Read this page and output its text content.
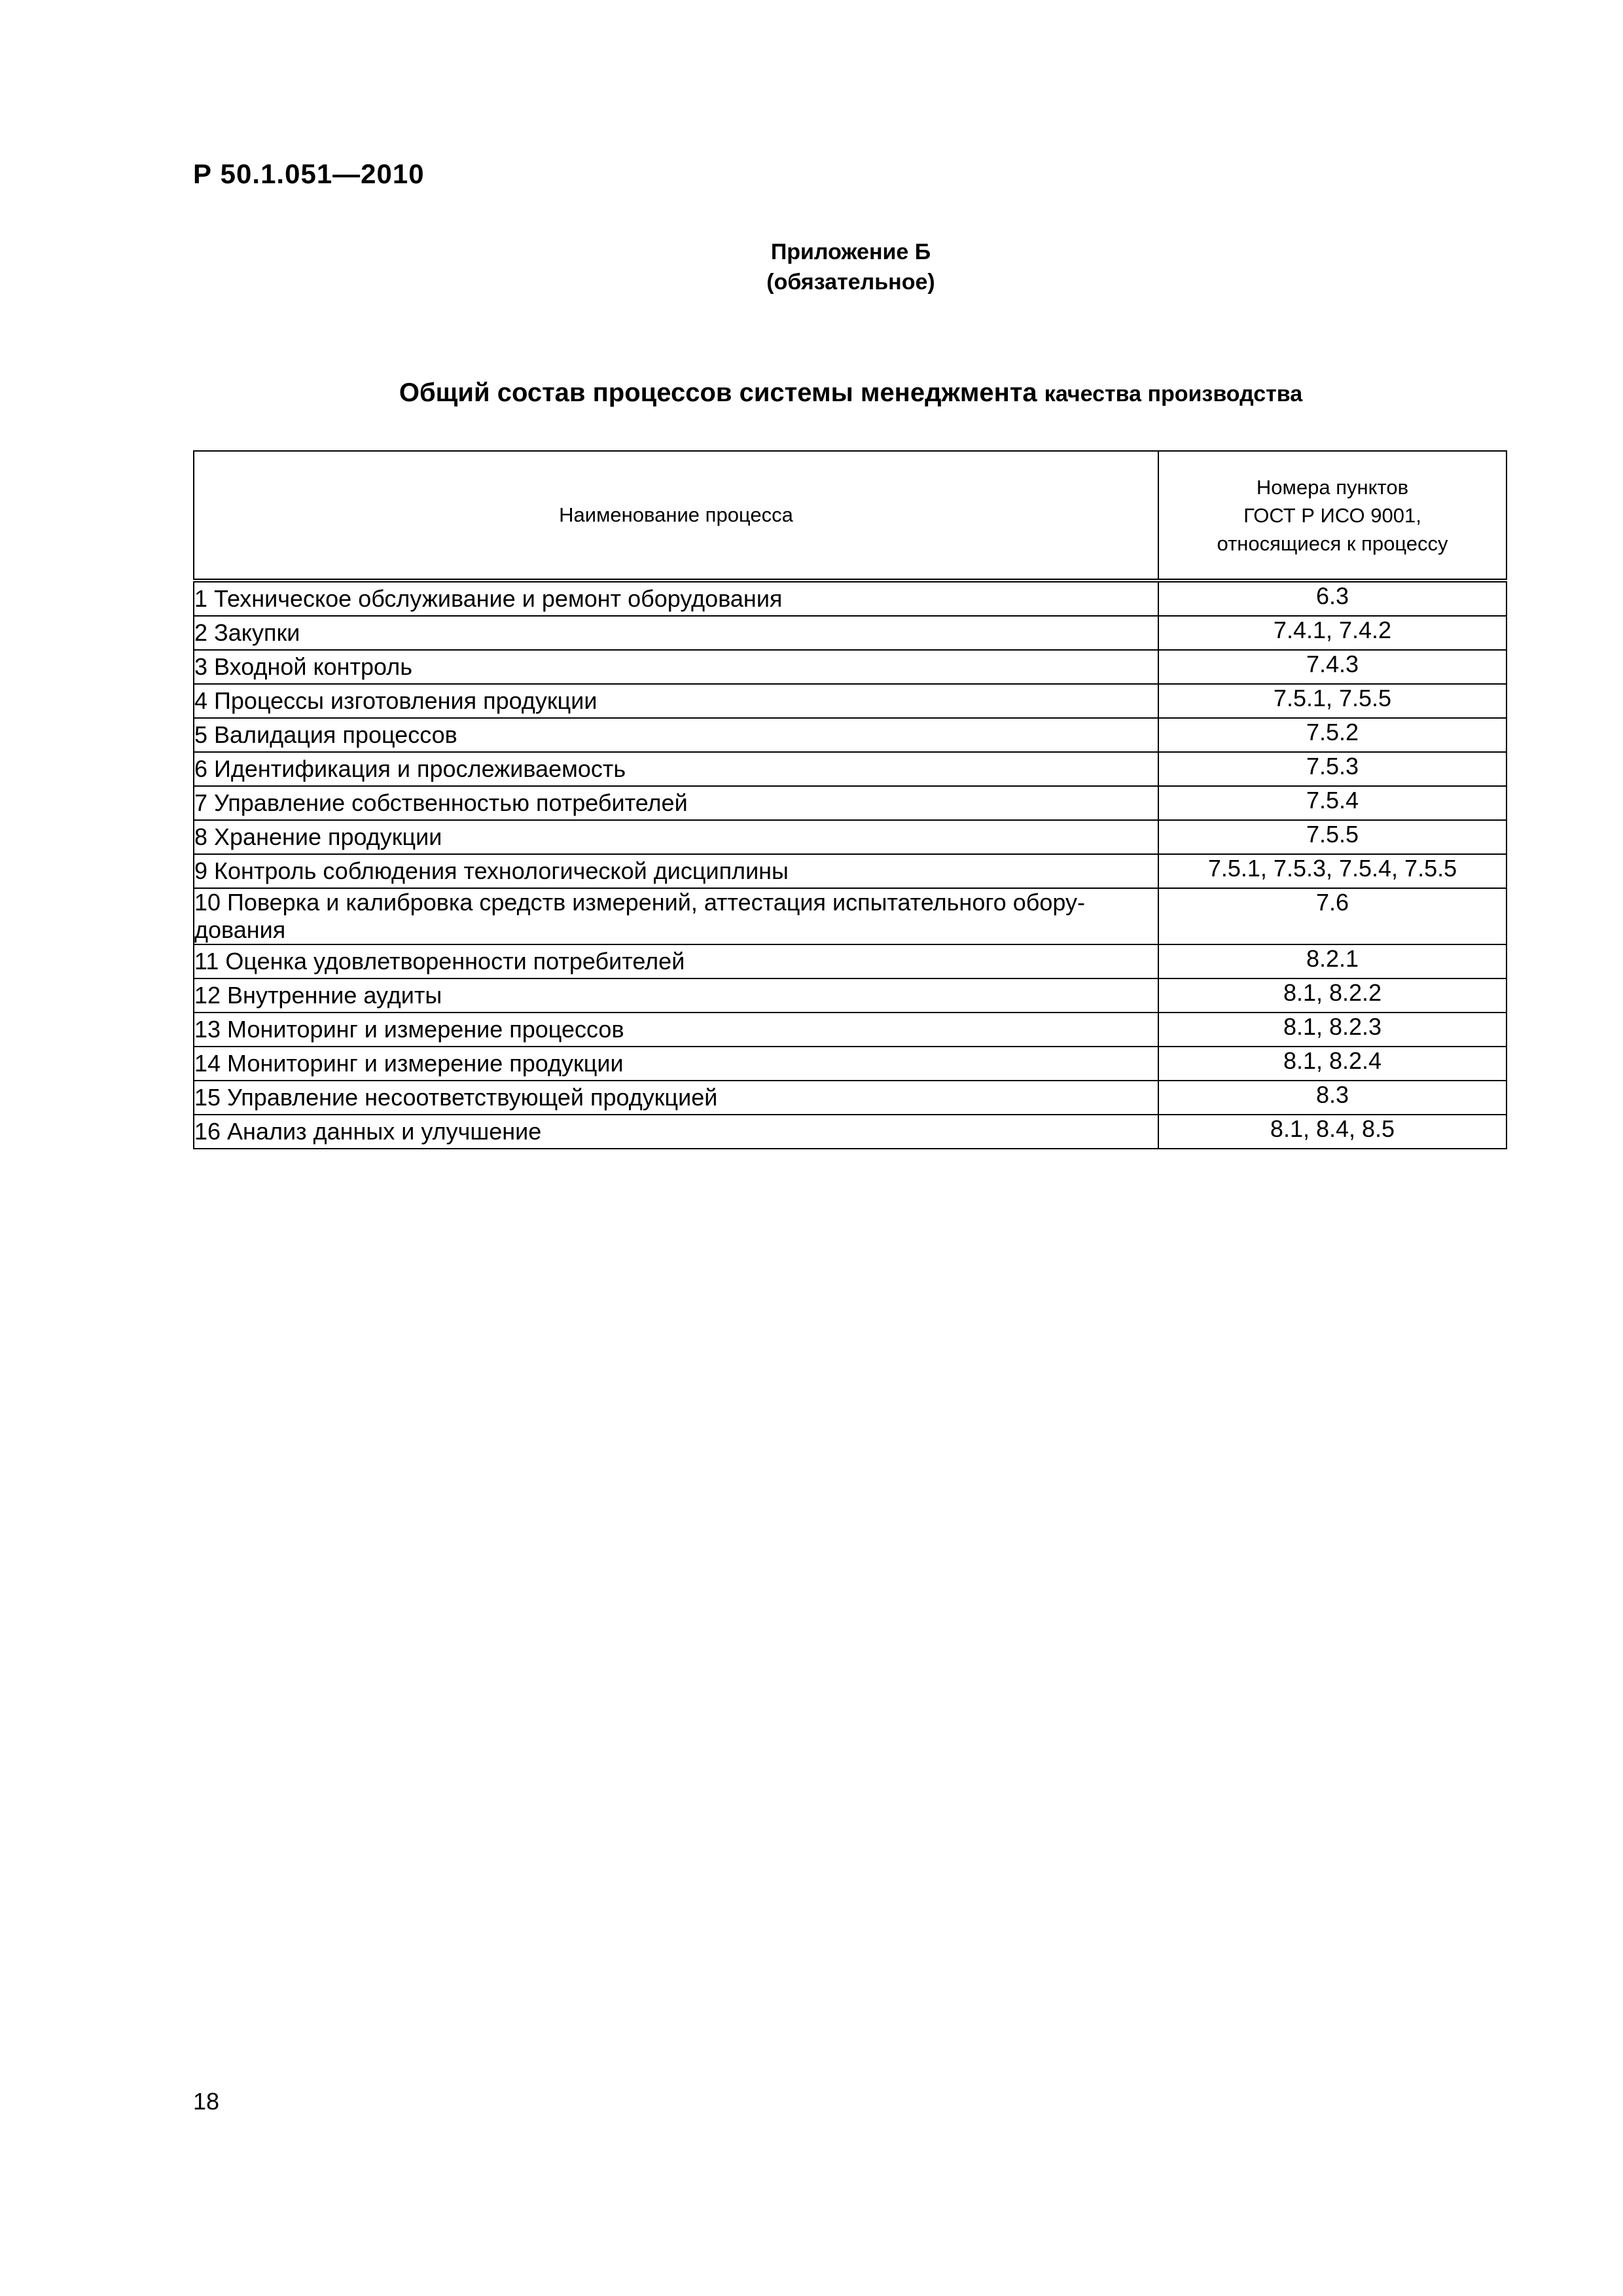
Р 50.1.051—2010
Приложение Б
(обязательное)
Общий состав процессов системы менеджмента качества производства
Наименование процесса	Номера пунктов
ГОСТ Р ИСО 9001,
относящиеся к процессу

1 Техническое обслуживание и ремонт оборудования	6.3
2 Закупки	7.4.1, 7.4.2
3 Входной контроль	7.4.3
4 Процессы изготовления продукции	7.5.1, 7.5.5
5 Валидация процессов	7.5.2
6 Идентификация и прослеживаемость	7.5.3
7 Управление собственностью потребителей	7.5.4
8 Хранение продукции	7.5.5
9 Контроль соблюдения технологической дисциплины	7.5.1, 7.5.3, 7.5.4, 7.5.5
10 Поверка и калибровка средств измерений, аттестация испытательного обору-дования	7.6
11 Оценка удовлетворенности потребителей	8.2.1
12 Внутренние аудиты	8.1, 8.2.2
13 Мониторинг и измерение процессов	8.1, 8.2.3
14 Мониторинг и измерение продукции	8.1, 8.2.4
15 Управление несоответствующей продукцией	8.3
16 Анализ данных и улучшение	8.1, 8.4, 8.5
18
